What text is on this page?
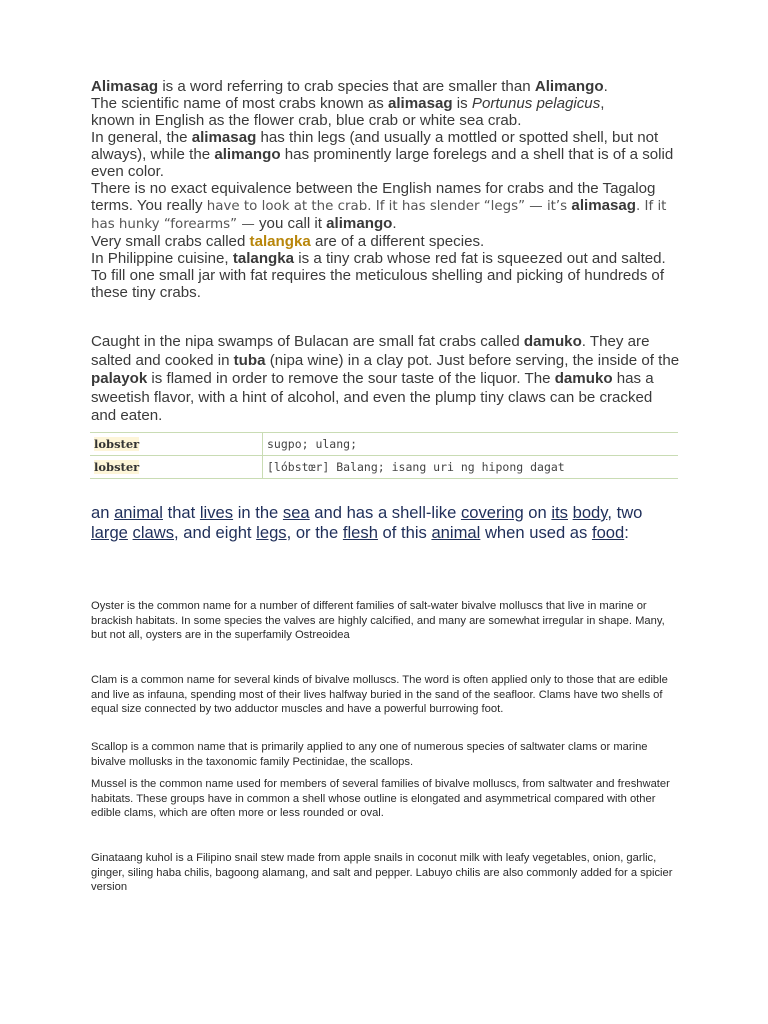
Alimasag is a word referring to crab species that are smaller than Alimango.

The scientific name of most crabs known as alimasag is Portunus pelagicus,
known in English as the flower crab, blue crab or white sea crab.

In general, the alimasag has thin legs (and usually a mottled or spotted shell, but not always), while the alimango has prominently large forelegs and a shell that is of a solid even color.

There is no exact equivalence between the English names for crabs and the Tagalog terms. You really have to look at the crab. If it has slender “legs” — it’s alimasag. If it has hunky “forearms” — you call it alimango.

Very small crabs called talangka are of a different species.

In Philippine cuisine, talangka is a tiny crab whose red fat is squeezed out and salted.

To fill one small jar with fat requires the meticulous shelling and picking of hundreds of these tiny crabs.

Caught in the nipa swamps of Bulacan are small fat crabs called damuko. They are salted and cooked in tuba (nipa wine) in a clay pot. Just before serving, the inside of the palayok is flamed in order to remove the sour taste of the liquor. The damuko has a sweetish flavor, with a hint of alcohol, and even the plump tiny claws can be cracked and eaten.

lobster	sugpo; ulang;
lobster	[lóbstœr] Balang; isang uri ng hipong dagat
an animal that lives in the sea and has a shell-like covering on its body, two large claws, and eight legs, or the flesh of this animal when used as food:
Oyster is the common name for a number of different families of salt-water bivalve molluscs that live in marine or brackish habitats. In some species the valves are highly calcified, and many are somewhat irregular in shape. Many, but not all, oysters are in the superfamily Ostreoidea
Clam is a common name for several kinds of bivalve molluscs. The word is often applied only to those that are edible and live as infauna, spending most of their lives halfway buried in the sand of the seafloor. Clams have two shells of equal size connected by two adductor muscles and have a powerful burrowing foot.
Scallop is a common name that is primarily applied to any one of numerous species of saltwater clams or marine bivalve mollusks in the taxonomic family Pectinidae, the scallops.
Mussel is the common name used for members of several families of bivalve molluscs, from saltwater and freshwater habitats. These groups have in common a shell whose outline is elongated and asymmetrical compared with other edible clams, which are often more or less rounded or oval.
Ginataang kuhol is a Filipino snail stew made from apple snails in coconut milk with leafy vegetables, onion, garlic, ginger, siling haba chilis, bagoong alamang, and salt and pepper. Labuyo chilis are also commonly added for a spicier version
